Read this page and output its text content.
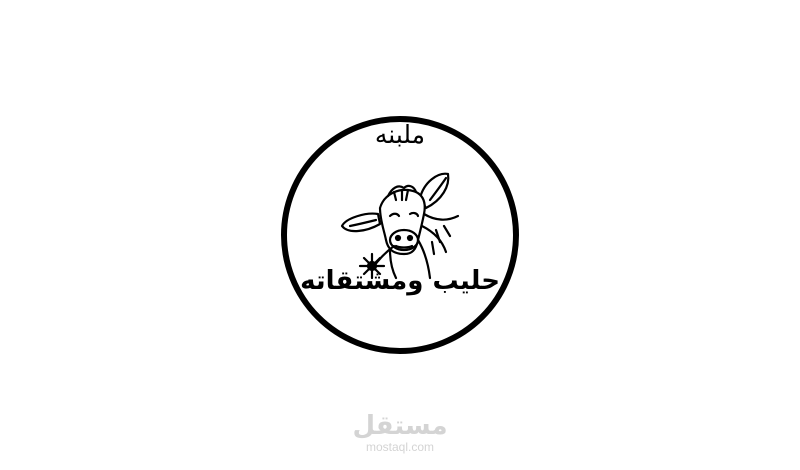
ملبنه
حليب ومشتقاته
مستقل
mostaql.com
